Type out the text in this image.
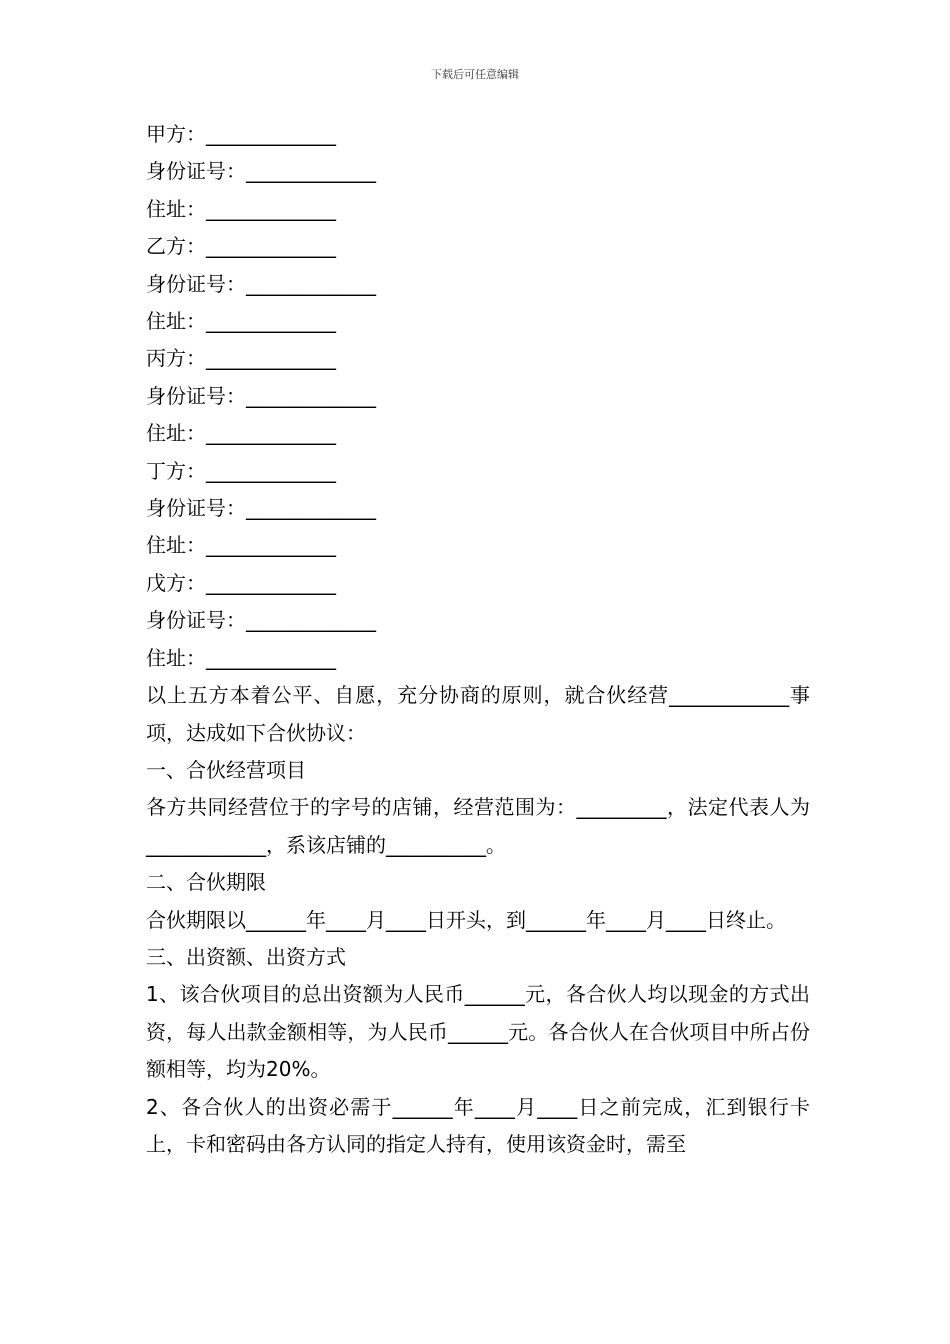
下载后可任意编辑
甲方：_____________
身份证号：_____________
住址：_____________
乙方：_____________
身份证号：_____________
住址：_____________
丙方：_____________
身份证号：_____________
住址：_____________
丁方：_____________
身份证号：_____________
住址：_____________
戊方：_____________
身份证号：_____________
住址：_____________
以上五方本着公平、自愿，充分协商的原则，就合伙经营____________事项，达成如下合伙协议：
一、合伙经营项目
各方共同经营位于的字号的店铺，经营范围为：_________，法定代表人为____________，系该店铺的__________。
二、合伙期限
合伙期限以______年____月____日开头，到______年____月____日终止。
三、出资额、出资方式
1、该合伙项目的总出资额为人民币______元，各合伙人均以现金的方式出资，每人出款金额相等，为人民币______元。各合伙人在合伙项目中所占份额相等，均为20%。
2、各合伙人的出资必需于______年____月____日之前完成，汇到银行卡上，卡和密码由各方认同的指定人持有，使用该资金时，需至
